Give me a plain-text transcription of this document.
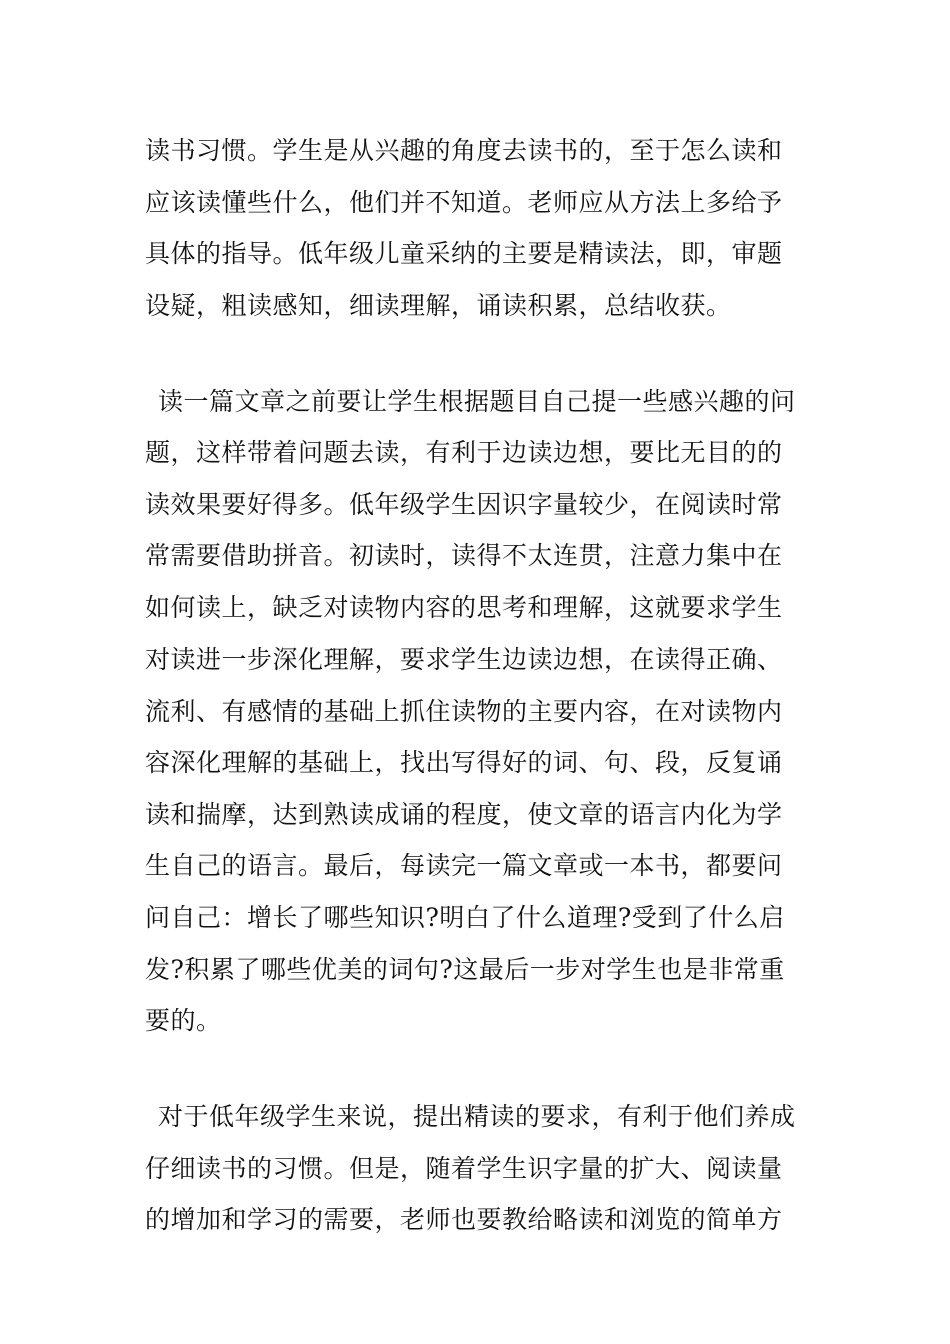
读书习惯。学生是从兴趣的角度去读书的，至于怎么读和
应该读懂些什么，他们并不知道。老师应从方法上多给予
具体的指导。低年级儿童采纳的主要是精读法，即，审题
设疑，粗读感知，细读理解，诵读积累，总结收获。
读一篇文章之前要让学生根据题目自己提一些感兴趣的问
题，这样带着问题去读，有利于边读边想，要比无目的的
读效果要好得多。低年级学生因识字量较少，在阅读时常
常需要借助拼音。初读时，读得不太连贯，注意力集中在
如何读上，缺乏对读物内容的思考和理解，这就要求学生
对读进一步深化理解，要求学生边读边想，在读得正确、
流利、有感情的基础上抓住读物的主要内容，在对读物内
容深化理解的基础上，找出写得好的词、句、段，反复诵
读和揣摩，达到熟读成诵的程度，使文章的语言内化为学
生自己的语言。最后，每读完一篇文章或一本书，都要问
问自己：增长了哪些知识?明白了什么道理?受到了什么启
发?积累了哪些优美的词句?这最后一步对学生也是非常重
要的。
对于低年级学生来说，提出精读的要求，有利于他们养成
仔细读书的习惯。但是，随着学生识字量的扩大、阅读量
的增加和学习的需要，老师也要教给略读和浏览的简单方
